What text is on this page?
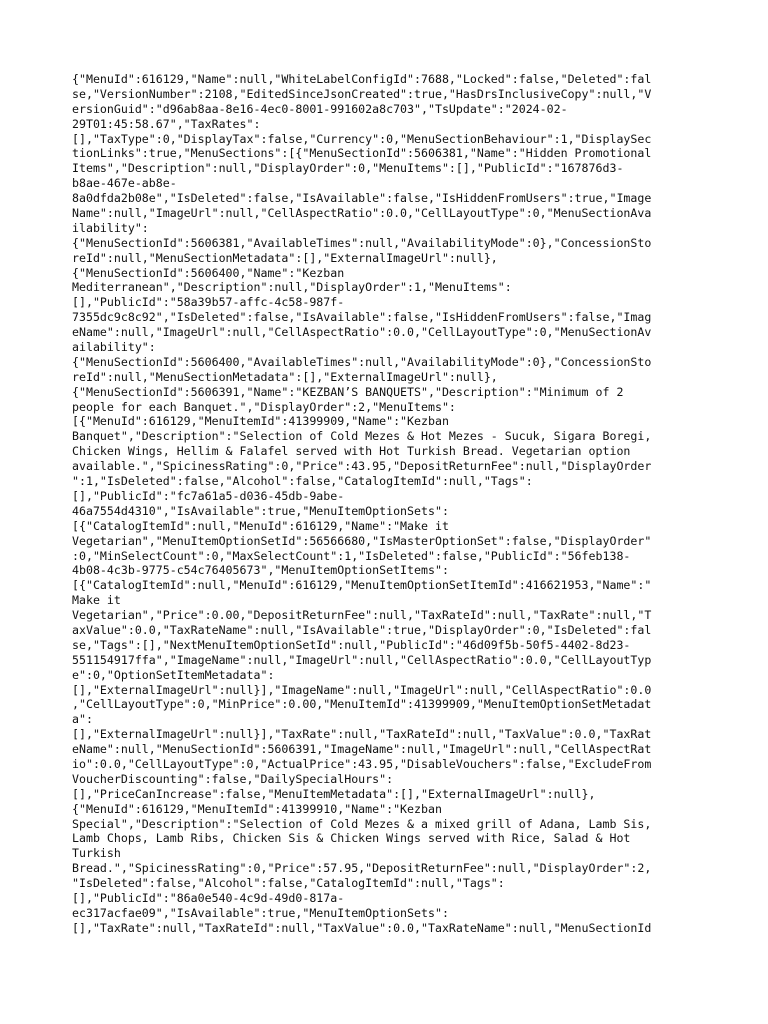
{"MenuId":616129,"Name":null,"WhiteLabelConfigId":7688,"Locked":false,"Deleted":fal
se,"VersionNumber":2108,"EditedSinceJsonCreated":true,"HasDrsInclusiveCopy":null,"V
ersionGuid":"d96ab8aa-8e16-4ec0-8001-991602a8c703","TsUpdate":"2024-02-
29T01:45:58.67","TaxRates":
[],"TaxType":0,"DisplayTax":false,"Currency":0,"MenuSectionBehaviour":1,"DisplaySec
tionLinks":true,"MenuSections":[{"MenuSectionId":5606381,"Name":"Hidden Promotional
Items","Description":null,"DisplayOrder":0,"MenuItems":[],"PublicId":"167876d3-
b8ae-467e-ab8e-
8a0dfda2b08e","IsDeleted":false,"IsAvailable":false,"IsHiddenFromUsers":true,"Image
Name":null,"ImageUrl":null,"CellAspectRatio":0.0,"CellLayoutType":0,"MenuSectionAva
ilability":
{"MenuSectionId":5606381,"AvailableTimes":null,"AvailabilityMode":0},"ConcessionSto
reId":null,"MenuSectionMetadata":[],"ExternalImageUrl":null},
{"MenuSectionId":5606400,"Name":"Kezban
Mediterranean","Description":null,"DisplayOrder":1,"MenuItems":
[],"PublicId":"58a39b57-affc-4c58-987f-
7355dc9c8c92","IsDeleted":false,"IsAvailable":false,"IsHiddenFromUsers":false,"Imag
eName":null,"ImageUrl":null,"CellAspectRatio":0.0,"CellLayoutType":0,"MenuSectionAv
ailability":
{"MenuSectionId":5606400,"AvailableTimes":null,"AvailabilityMode":0},"ConcessionSto
reId":null,"MenuSectionMetadata":[],"ExternalImageUrl":null},
{"MenuSectionId":5606391,"Name":"KEZBAN’S BANQUETS","Description":"Minimum of 2
people for each Banquet.","DisplayOrder":2,"MenuItems":
[{"MenuId":616129,"MenuItemId":41399909,"Name":"Kezban
Banquet","Description":"Selection of Cold Mezes & Hot Mezes - Sucuk, Sigara Boregi,
Chicken Wings, Hellim & Falafel served with Hot Turkish Bread. Vegetarian option
available.","SpicinessRating":0,"Price":43.95,"DepositReturnFee":null,"DisplayOrder
":1,"IsDeleted":false,"Alcohol":false,"CatalogItemId":null,"Tags":
[],"PublicId":"fc7a61a5-d036-45db-9abe-
46a7554d4310","IsAvailable":true,"MenuItemOptionSets":
[{"CatalogItemId":null,"MenuId":616129,"Name":"Make it
Vegetarian","MenuItemOptionSetId":56566680,"IsMasterOptionSet":false,"DisplayOrder"
:0,"MinSelectCount":0,"MaxSelectCount":1,"IsDeleted":false,"PublicId":"56feb138-
4b08-4c3b-9775-c54c76405673","MenuItemOptionSetItems":
[{"CatalogItemId":null,"MenuId":616129,"MenuItemOptionSetItemId":416621953,"Name":"
Make it
Vegetarian","Price":0.00,"DepositReturnFee":null,"TaxRateId":null,"TaxRate":null,"T
axValue":0.0,"TaxRateName":null,"IsAvailable":true,"DisplayOrder":0,"IsDeleted":fal
se,"Tags":[],"NextMenuItemOptionSetId":null,"PublicId":"46d09f5b-50f5-4402-8d23-
551154917ffa","ImageName":null,"ImageUrl":null,"CellAspectRatio":0.0,"CellLayoutTyp
e":0,"OptionSetItemMetadata":
[],"ExternalImageUrl":null}],"ImageName":null,"ImageUrl":null,"CellAspectRatio":0.0
,"CellLayoutType":0,"MinPrice":0.00,"MenuItemId":41399909,"MenuItemOptionSetMetadat
a":
[],"ExternalImageUrl":null}],"TaxRate":null,"TaxRateId":null,"TaxValue":0.0,"TaxRat
eName":null,"MenuSectionId":5606391,"ImageName":null,"ImageUrl":null,"CellAspectRat
io":0.0,"CellLayoutType":0,"ActualPrice":43.95,"DisableVouchers":false,"ExcludeFrom
VoucherDiscounting":false,"DailySpecialHours":
[],"PriceCanIncrease":false,"MenuItemMetadata":[],"ExternalImageUrl":null},
{"MenuId":616129,"MenuItemId":41399910,"Name":"Kezban
Special","Description":"Selection of Cold Mezes & a mixed grill of Adana, Lamb Sis,
Lamb Chops, Lamb Ribs, Chicken Sis & Chicken Wings served with Rice, Salad & Hot
Turkish
Bread.","SpicinessRating":0,"Price":57.95,"DepositReturnFee":null,"DisplayOrder":2,
"IsDeleted":false,"Alcohol":false,"CatalogItemId":null,"Tags":
[],"PublicId":"86a0e540-4c9d-49d0-817a-
ec317acfae09","IsAvailable":true,"MenuItemOptionSets":
[],"TaxRate":null,"TaxRateId":null,"TaxValue":0.0,"TaxRateName":null,"MenuSectionId
